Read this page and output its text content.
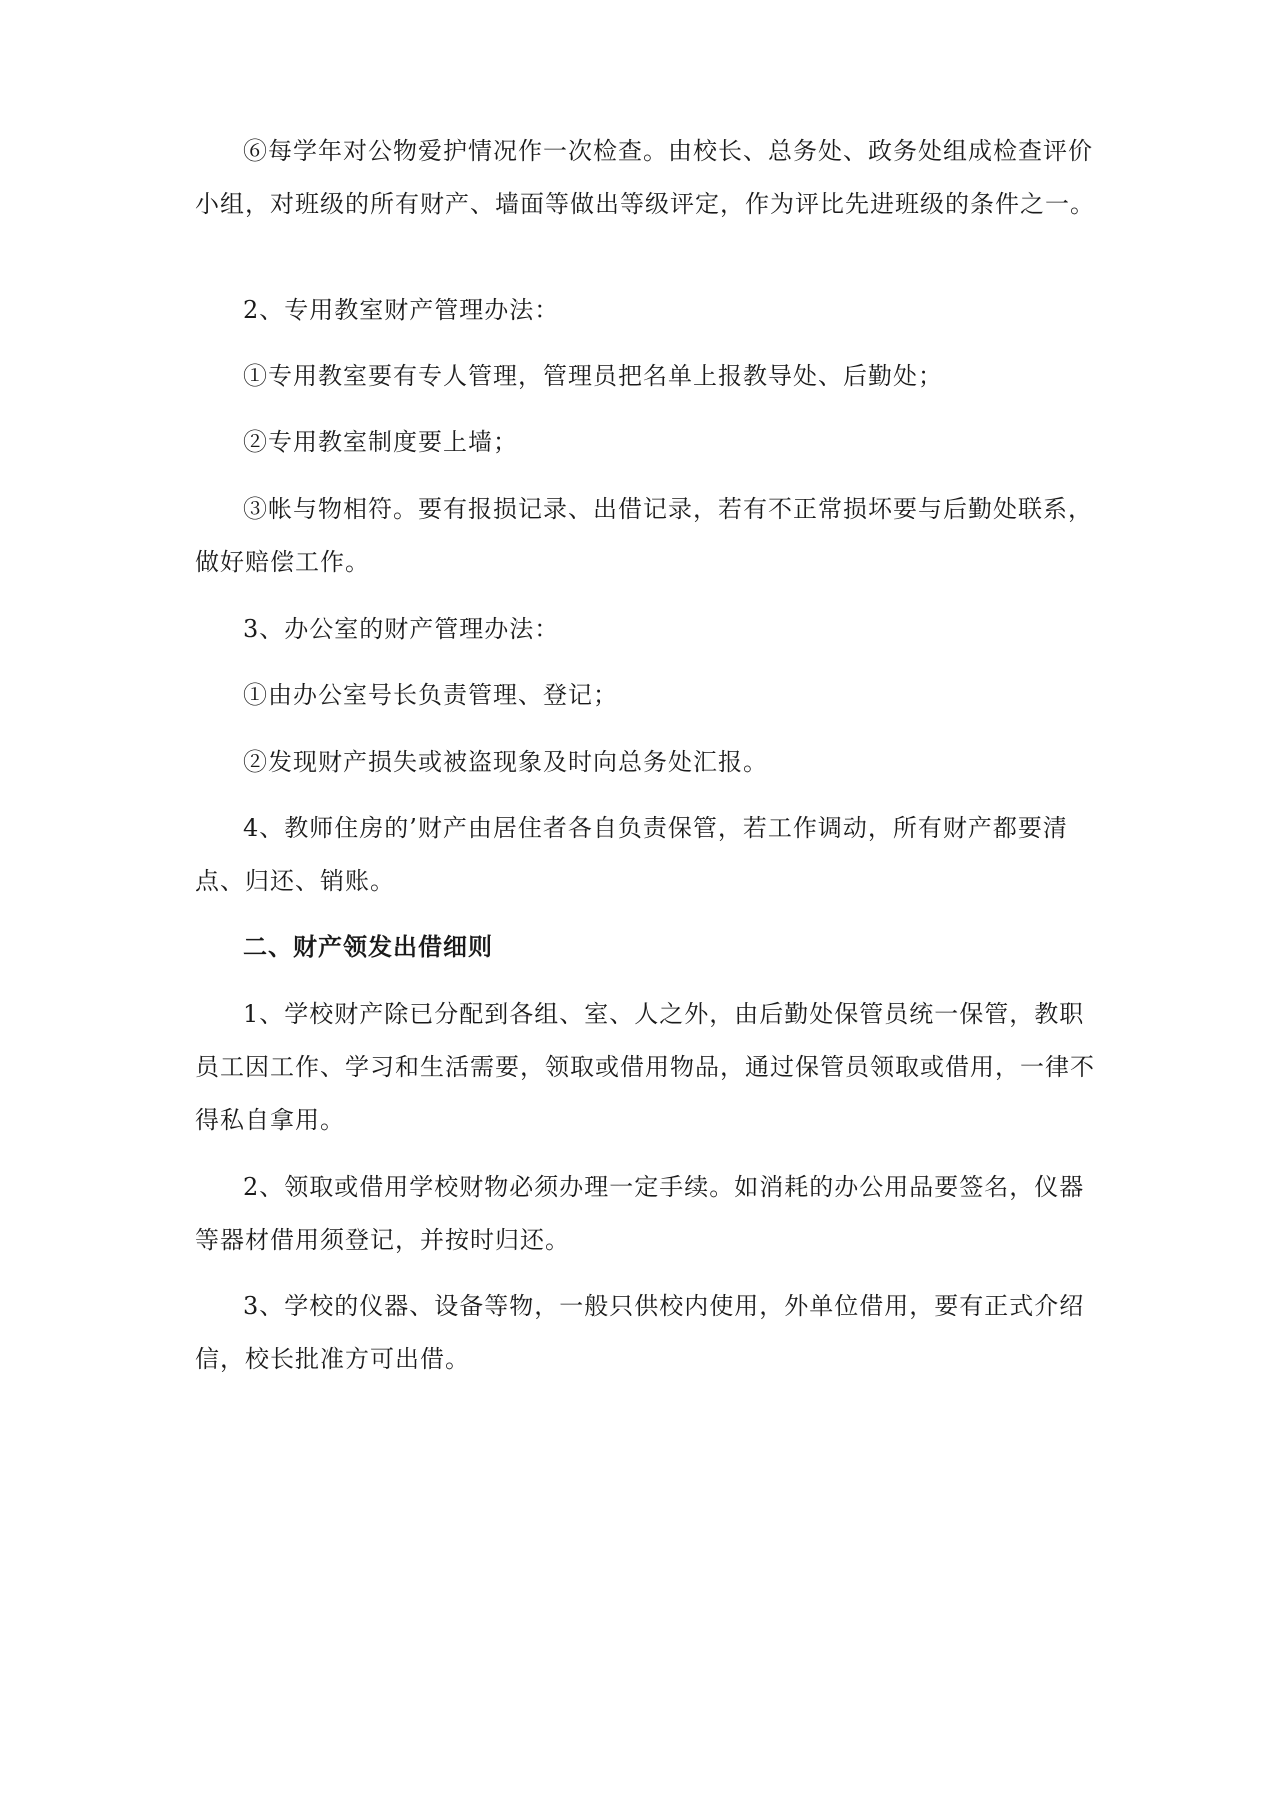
⑥每学年对公物爱护情况作一次检查。由校长、总务处、政务处组成检查评价小组，对班级的所有财产、墙面等做出等级评定，作为评比先进班级的条件之一。

2、专用教室财产管理办法：

①专用教室要有专人管理，管理员把名单上报教导处、后勤处；

②专用教室制度要上墙；

③帐与物相符。要有报损记录、出借记录，若有不正常损坏要与后勤处联系，做好赔偿工作。

3、办公室的财产管理办法：

①由办公室号长负责管理、登记；

②发现财产损失或被盗现象及时向总务处汇报。

4、教师住房的’财产由居住者各自负责保管，若工作调动，所有财产都要清点、归还、销账。

二、财产领发出借细则

1、学校财产除已分配到各组、室、人之外，由后勤处保管员统一保管，教职员工因工作、学习和生活需要，领取或借用物品，通过保管员领取或借用，一律不得私自拿用。

2、领取或借用学校财物必须办理一定手续。如消耗的办公用品要签名，仪器等器材借用须登记，并按时归还。

3、学校的仪器、设备等物，一般只供校内使用，外单位借用，要有正式介绍信，校长批准方可出借。
